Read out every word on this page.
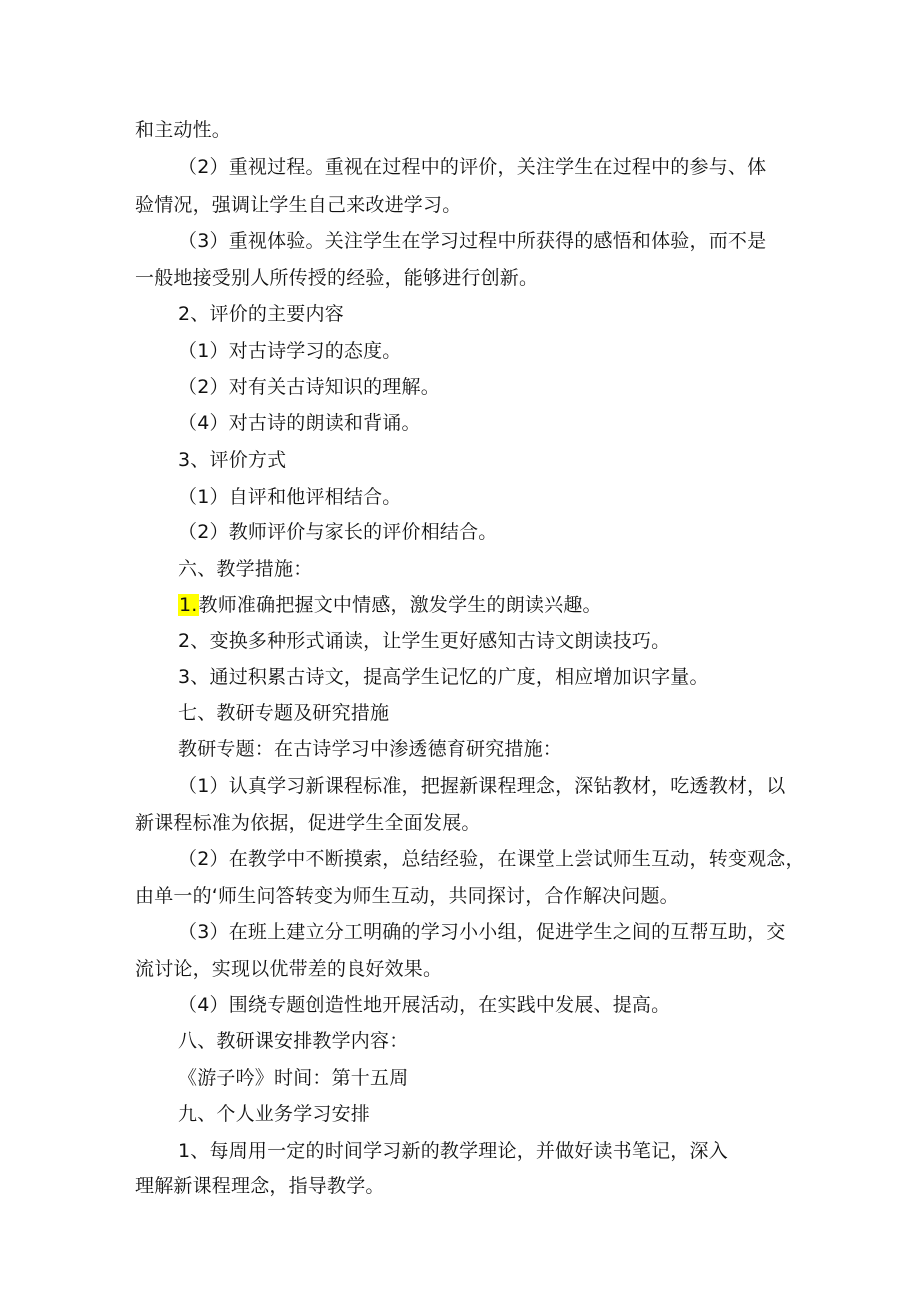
和主动性。
（2）重视过程。重视在过程中的评价，关注学生在过程中的参与、体
验情况，强调让学生自己来改进学习。
（3）重视体验。关注学生在学习过程中所获得的感悟和体验，而不是
一般地接受别人所传授的经验，能够进行创新。
2、评价的主要内容
（1）对古诗学习的态度。
（2）对有关古诗知识的理解。
（4）对古诗的朗读和背诵。
3、评价方式
（1）自评和他评相结合。
（2）教师评价与家长的评价相结合。
六、教学措施：
1.教师准确把握文中情感，激发学生的朗读兴趣。
2、变换多种形式诵读，让学生更好感知古诗文朗读技巧。
3、通过积累古诗文，提高学生记忆的广度，相应增加识字量。
七、教研专题及研究措施
教研专题：在古诗学习中渗透德育研究措施：
（1）认真学习新课程标准，把握新课程理念，深钻教材，吃透教材，以
新课程标准为依据，促进学生全面发展。
（2）在教学中不断摸索，总结经验，在课堂上尝试师生互动，转变观念，
由单一的‘师生问答转变为师生互动，共同探讨，合作解决问题。
（3）在班上建立分工明确的学习小小组，促进学生之间的互帮互助，交
流讨论，实现以优带差的良好效果。
（4）围绕专题创造性地开展活动，在实践中发展、提高。
八、教研课安排教学内容：
《游子吟》时间：第十五周
九、个人业务学习安排
1、每周用一定的时间学习新的教学理论，并做好读书笔记，深入
理解新课程理念，指导教学。
